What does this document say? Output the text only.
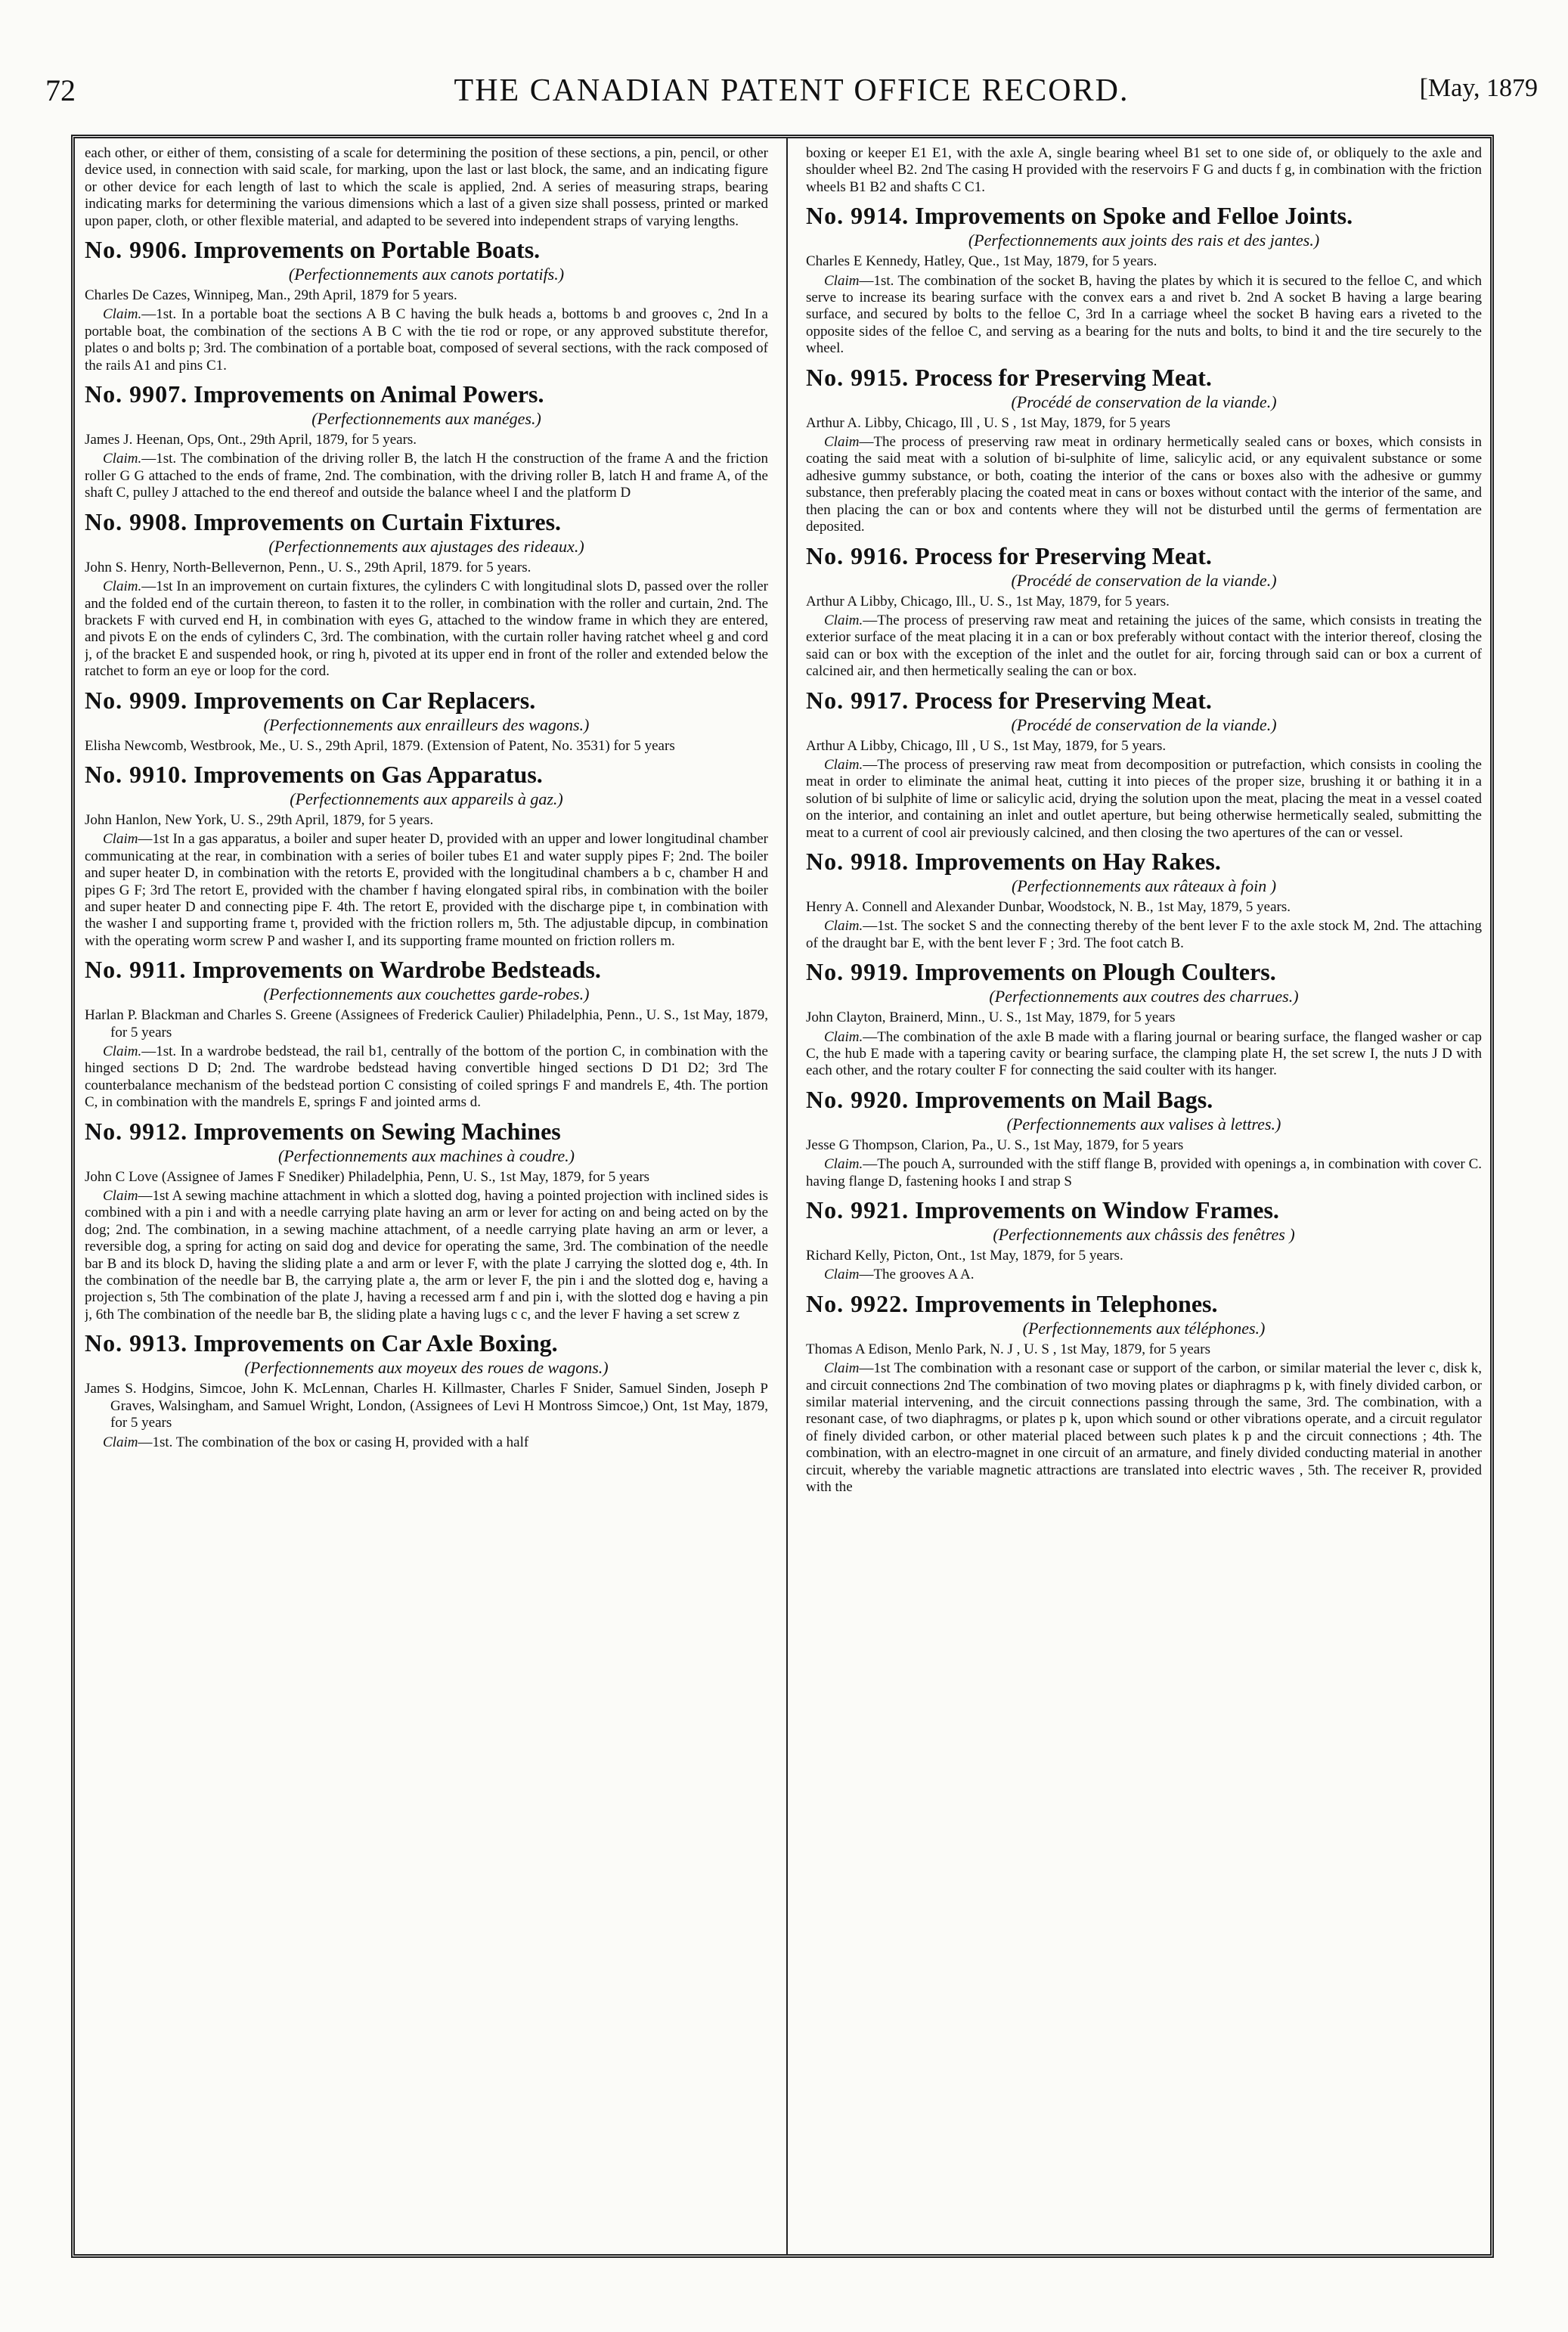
72	THE CANADIAN PATENT OFFICE RECORD.	[May, 1879

each other, or either of them, consisting of a scale for determining the position of these sections, a pin, pencil, or other device used, in connection with said scale, for marking, upon the last or last block, the same, and an indicating figure or other device for each length of last to which the scale is applied, 2nd. A series of measuring straps, bearing indicating marks for determining the various dimensions which a last of a given size shall possess, printed or marked upon paper, cloth, or other flexible material, and adapted to be severed into independent straps of varying lengths.

No. 9906. Improvements on Portable Boats.
(Perfectionnements aux canots portatifs.)

Charles De Cazes, Winnipeg, Man., 29th April, 1879 for 5 years.

Claim.—1st. In a portable boat the sections A B C having the bulk heads a, bottoms b and grooves c, 2nd In a portable boat, the combination of the sections A B C with the tie rod or rope, or any approved substitute therefor, plates o and bolts p; 3rd. The combination of a portable boat, composed of several sections, with the rack composed of the rails A1 and pins C1.

No. 9907. Improvements on Animal Powers.
(Perfectionnements aux manéges.)

James J. Heenan, Ops, Ont., 29th April, 1879, for 5 years.

Claim.—1st. The combination of the driving roller B, the latch H the construction of the frame A and the friction roller G G attached to the ends of frame, 2nd. The combination, with the driving roller B, latch H and frame A, of the shaft C, pulley J attached to the end thereof and outside the balance wheel I and the platform D

No. 9908. Improvements on Curtain Fixtures.
(Perfectionnements aux ajustages des rideaux.)

John S. Henry, North-Bellevernon, Penn., U. S., 29th April, 1879. for 5 years.

Claim.—1st In an improvement on curtain fixtures, the cylinders C with longitudinal slots D, passed over the roller and the folded end of the curtain thereon, to fasten it to the roller, in combination with the roller and curtain, 2nd. The brackets F with curved end H, in combination with eyes G, attached to the window frame in which they are entered, and pivots E on the ends of cylinders C, 3rd. The combination, with the curtain roller having ratchet wheel g and cord j, of the bracket E and suspended hook, or ring h, pivoted at its upper end in front of the roller and extended below the ratchet to form an eye or loop for the cord.

No. 9909. Improvements on Car Replacers.
(Perfectionnements aux enrailleurs des wagons.)

Elisha Newcomb, Westbrook, Me., U. S., 29th April, 1879. (Extension of Patent, No. 3531) for 5 years

No. 9910. Improvements on Gas Apparatus.
(Perfectionnements aux appareils à gaz.)

John Hanlon, New York, U. S., 29th April, 1879, for 5 years.

Claim—1st In a gas apparatus, a boiler and super heater D, provided with an upper and lower longitudinal chamber communicating at the rear, in combination with a series of boiler tubes E1 and water supply pipes F; 2nd. The boiler and super heater D, in combination with the retorts E, provided with the longitudinal chambers a b c, chamber H and pipes G F; 3rd The retort E, provided with the chamber f having elongated spiral ribs, in combination with the boiler and super heater D and connecting pipe F. 4th. The retort E, provided with the discharge pipe t, in combination with the washer I and supporting frame t, provided with the friction rollers m, 5th. The adjustable dipcup, in combination with the operating worm screw P and washer I, and its supporting frame mounted on friction rollers m.

No. 9911. Improvements on Wardrobe Bedsteads.
(Perfectionnements aux couchettes garde-robes.)

Harlan P. Blackman and Charles S. Greene (Assignees of Frederick Caulier) Philadelphia, Penn., U. S., 1st May, 1879, for 5 years

Claim.—1st. In a wardrobe bedstead, the rail b1, centrally of the bottom of the portion C, in combination with the hinged sections D D; 2nd. The wardrobe bedstead having convertible hinged sections D D1 D2; 3rd The counterbalance mechanism of the bedstead portion C consisting of coiled springs F and mandrels E, 4th. The portion C, in combination with the mandrels E, springs F and jointed arms d.

No. 9912. Improvements on Sewing Machines
(Perfectionnements aux machines à coudre.)

John C Love (Assignee of James F Snediker) Philadelphia, Penn, U. S., 1st May, 1879, for 5 years

Claim—1st A sewing machine attachment in which a slotted dog, having a pointed projection with inclined sides is combined with a pin i and with a needle carrying plate having an arm or lever for acting on and being acted on by the dog; 2nd. The combination, in a sewing machine attachment, of a needle carrying plate having an arm or lever, a reversible dog, a spring for acting on said dog and device for operating the same, 3rd. The combination of the needle bar B and its block D, having the sliding plate a and arm or lever F, with the plate J carrying the slotted dog e, 4th. In the combination of the needle bar B, the carrying plate a, the arm or lever F, the pin i and the slotted dog e, having a projection s, 5th The combination of the plate J, having a recessed arm f and pin i, with the slotted dog e having a pin j, 6th The combination of the needle bar B, the sliding plate a having lugs c c, and the lever F having a set screw z

No. 9913. Improvements on Car Axle Boxing.
(Perfectionnements aux moyeux des roues de wagons.)

James S. Hodgins, Simcoe, John K. McLennan, Charles H. Killmaster, Charles F Snider, Samuel Sinden, Joseph P Graves, Walsingham, and Samuel Wright, London, (Assignees of Levi H Montross Simcoe,) Ont, 1st May, 1879, for 5 years

Claim—1st. The combination of the box or casing H, provided with a half

boxing or keeper E1 E1, with the axle A, single bearing wheel B1 set to one side of, or obliquely to the axle and shoulder wheel B2. 2nd The casing H provided with the reservoirs F G and ducts f g, in combination with the friction wheels B1 B2 and shafts C C1.

No. 9914. Improvements on Spoke and Felloe Joints.
(Perfectionnements aux joints des rais et des jantes.)

Charles E Kennedy, Hatley, Que., 1st May, 1879, for 5 years.

Claim—1st. The combination of the socket B, having the plates by which it is secured to the felloe C, and which serve to increase its bearing surface with the convex ears a and rivet b. 2nd A socket B having a large bearing surface, and secured by bolts to the felloe C, 3rd In a carriage wheel the socket B having ears a riveted to the opposite sides of the felloe C, and serving as a bearing for the nuts and bolts, to bind it and the tire securely to the wheel.

No. 9915. Process for Preserving Meat.
(Procédé de conservation de la viande.)

Arthur A. Libby, Chicago, Ill , U. S , 1st May, 1879, for 5 years

Claim—The process of preserving raw meat in ordinary hermetically sealed cans or boxes, which consists in coating the said meat with a solution of bi-sulphite of lime, salicylic acid, or any equivalent substance or some adhesive gummy substance, or both, coating the interior of the cans or boxes also with the adhesive or gummy substance, then preferably placing the coated meat in cans or boxes without contact with the interior of the same, and then placing the can or box and contents where they will not be disturbed until the germs of fermentation are deposited.

No. 9916. Process for Preserving Meat.
(Procédé de conservation de la viande.)

Arthur A Libby, Chicago, Ill., U. S., 1st May, 1879, for 5 years.

Claim.—The process of preserving raw meat and retaining the juices of the same, which consists in treating the exterior surface of the meat placing it in a can or box preferably without contact with the interior thereof, closing the said can or box with the exception of the inlet and the outlet for air, forcing through said can or box a current of calcined air, and then hermetically sealing the can or box.

No. 9917. Process for Preserving Meat.
(Procédé de conservation de la viande.)

Arthur A Libby, Chicago, Ill , U S., 1st May, 1879, for 5 years.

Claim.—The process of preserving raw meat from decomposition or putrefaction, which consists in cooling the meat in order to eliminate the animal heat, cutting it into pieces of the proper size, brushing it or bathing it in a solution of bi sulphite of lime or salicylic acid, drying the solution upon the meat, placing the meat in a vessel coated on the interior, and containing an inlet and outlet aperture, but being otherwise hermetically sealed, submitting the meat to a current of cool air previously calcined, and then closing the two apertures of the can or vessel.

No. 9918. Improvements on Hay Rakes.
(Perfectionnements aux râteaux à foin )

Henry A. Connell and Alexander Dunbar, Woodstock, N. B., 1st May, 1879, 5 years.

Claim.—1st. The socket S and the connecting thereby of the bent lever F to the axle stock M, 2nd. The attaching of the draught bar E, with the bent lever F ; 3rd. The foot catch B.

No. 9919. Improvements on Plough Coulters.
(Perfectionnements aux coutres des charrues.)

John Clayton, Brainerd, Minn., U. S., 1st May, 1879, for 5 years

Claim.—The combination of the axle B made with a flaring journal or bearing surface, the flanged washer or cap C, the hub E made with a tapering cavity or bearing surface, the clamping plate H, the set screw I, the nuts J D with each other, and the rotary coulter F for connecting the said coulter with its hanger.

No. 9920. Improvements on Mail Bags.
(Perfectionnements aux valises à lettres.)

Jesse G Thompson, Clarion, Pa., U. S., 1st May, 1879, for 5 years

Claim.—The pouch A, surrounded with the stiff flange B, provided with openings a, in combination with cover C. having flange D, fastening hooks I and strap S

No. 9921. Improvements on Window Frames.
(Perfectionnements aux châssis des fenêtres )

Richard Kelly, Picton, Ont., 1st May, 1879, for 5 years.

Claim—The grooves A A.

No. 9922. Improvements in Telephones.
(Perfectionnements aux téléphones.)

Thomas A Edison, Menlo Park, N. J , U. S , 1st May, 1879, for 5 years

Claim—1st The combination with a resonant case or support of the carbon, or similar material the lever c, disk k, and circuit connections 2nd The combination of two moving plates or diaphragms p k, with finely divided carbon, or similar material intervening, and the circuit connections passing through the same, 3rd. The combination, with a resonant case, of two diaphragms, or plates p k, upon which sound or other vibrations operate, and a circuit regulator of finely divided carbon, or other material placed between such plates k p and the circuit connections ; 4th. The combination, with an electro-magnet in one circuit of an armature, and finely divided conducting material in another circuit, whereby the variable magnetic attractions are translated into electric waves , 5th. The receiver R, provided with the
